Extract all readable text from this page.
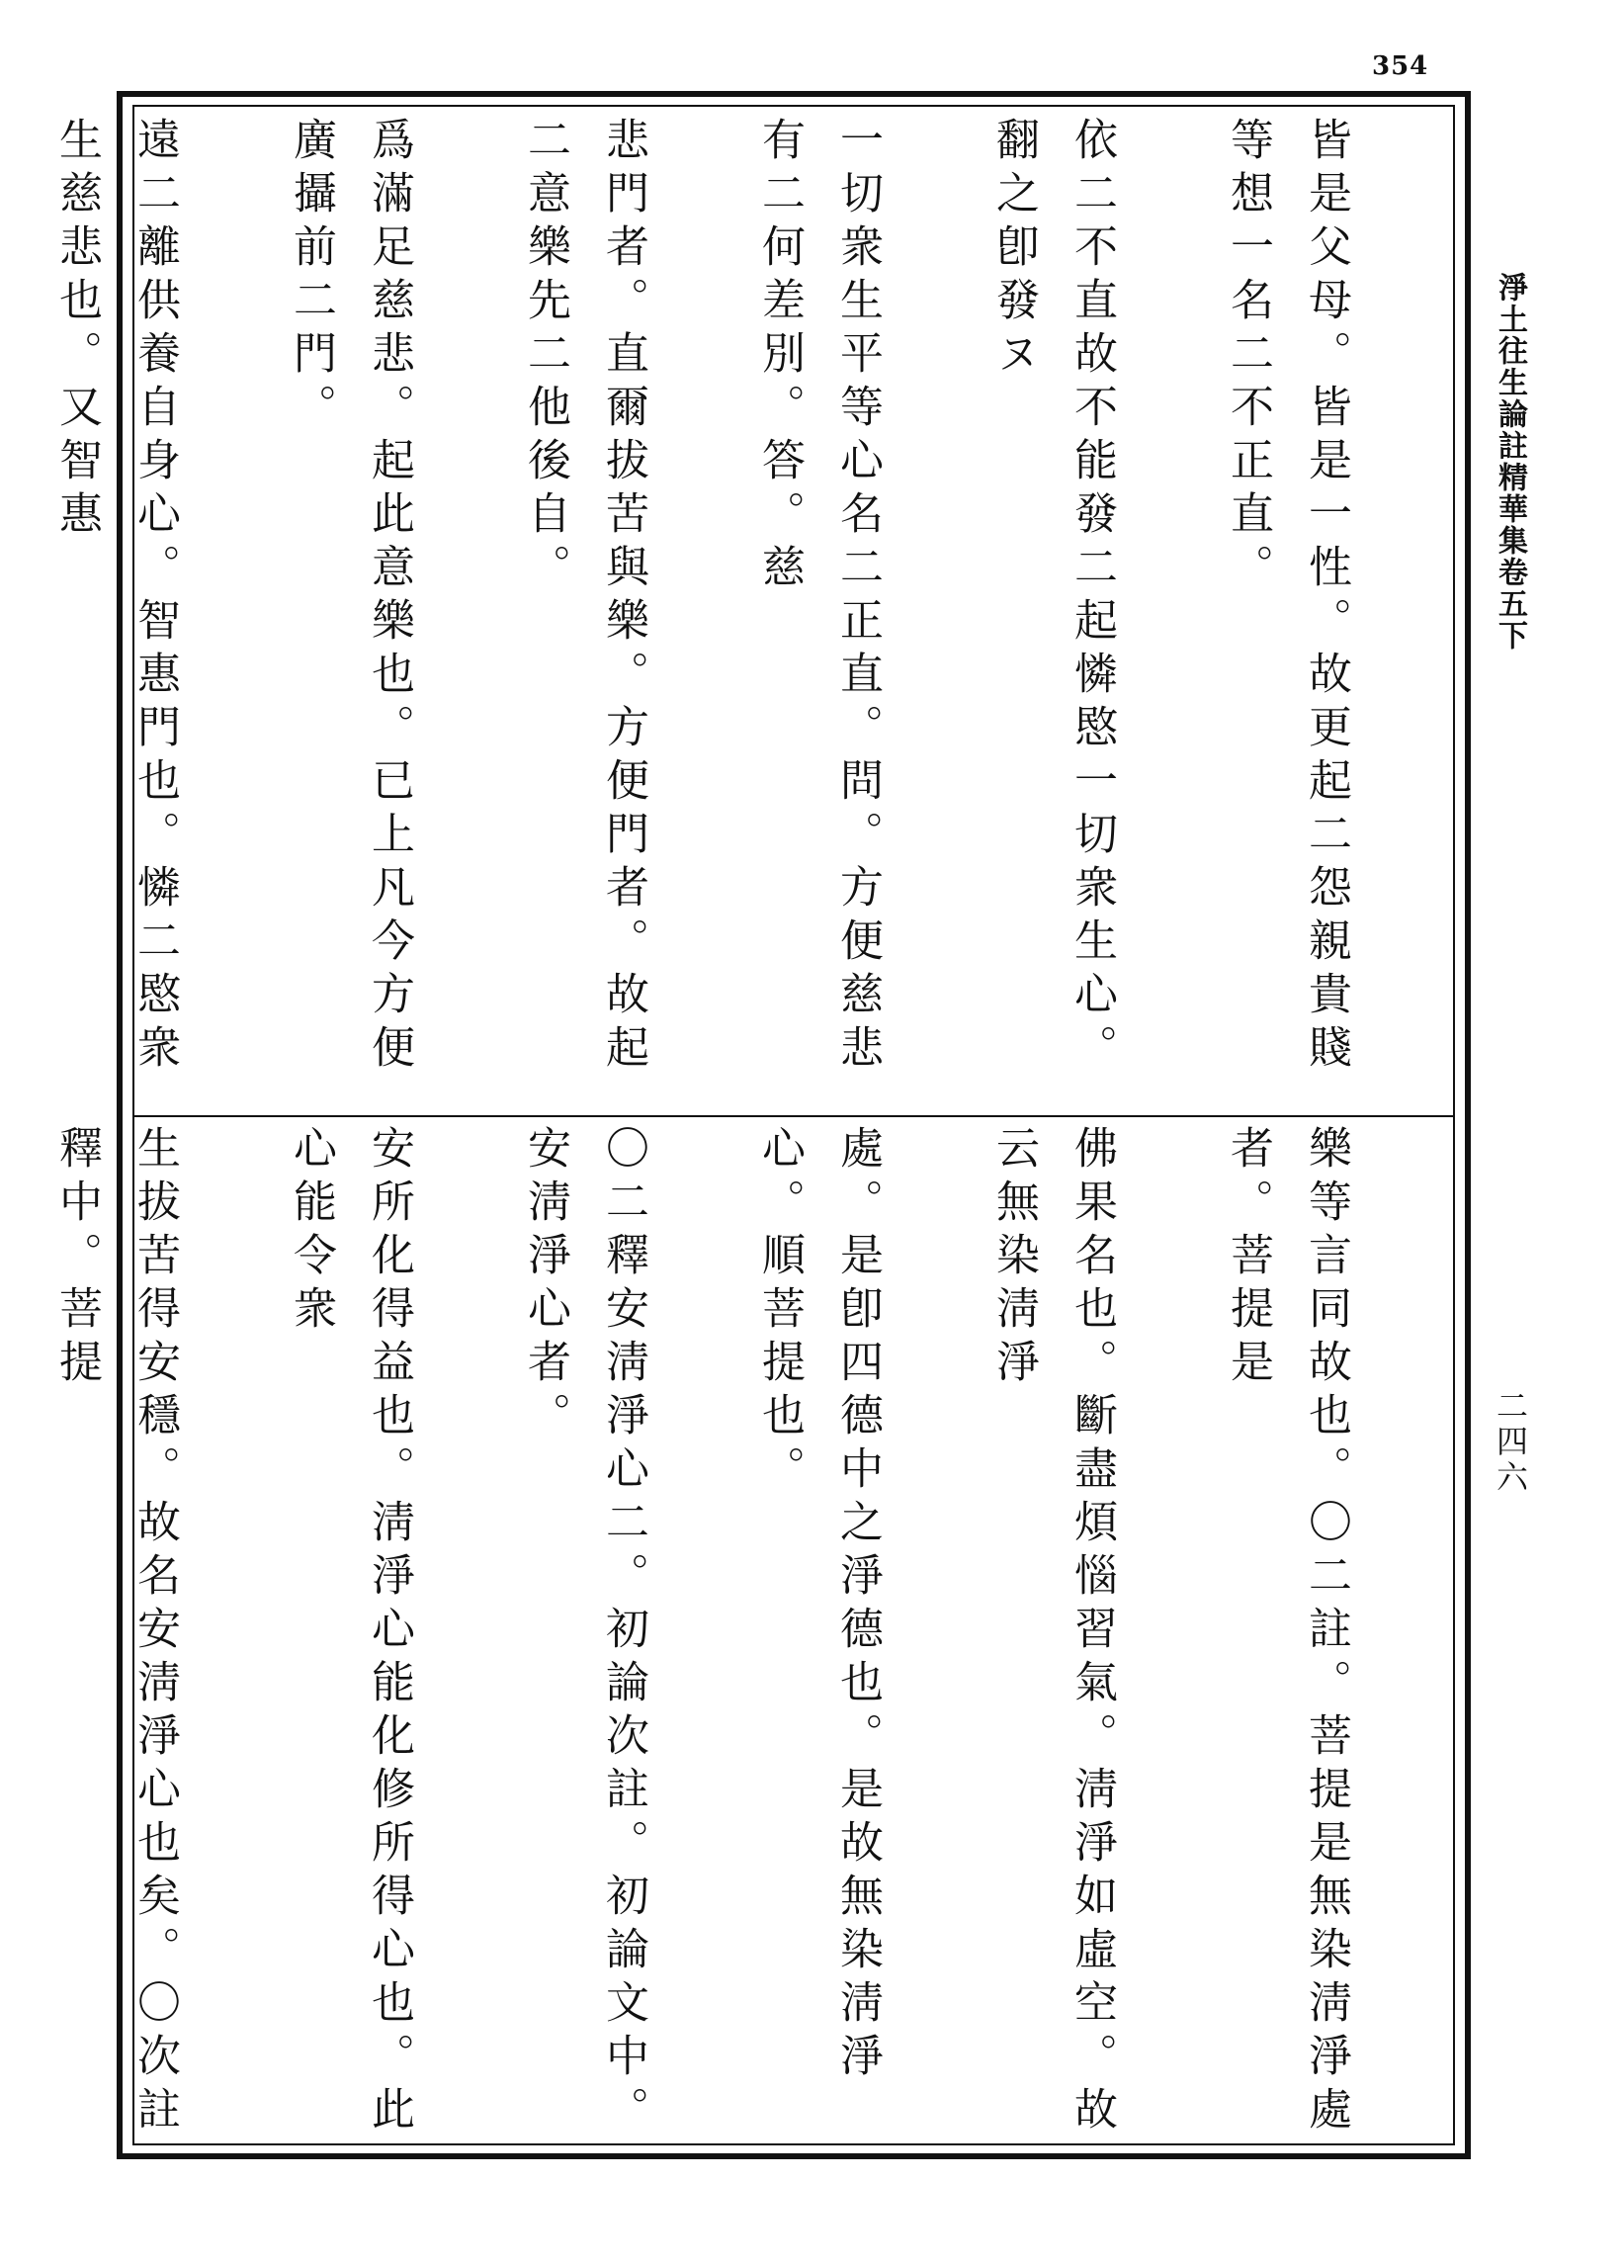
354

皆是父母。皆是一性。故更起二怨親貴賤等想一名二不正直。

依二不直故不能發二起憐愍一切衆生心。翻之卽發ヌ

一切衆生平等心名二正直。問。方便慈悲有二何差別。答。慈

悲門者。直爾拔苦與樂。方便門者。故起二意樂先二他後自。

爲滿足慈悲。起此意樂也。已上凡今方便廣攝前二門。

遠二離供養自身心。智惠門也。憐二愍衆生慈悲也。又智惠

樂等言同故也。〇二註。菩提是無染淸淨處者。菩提是

佛果名也。斷盡煩惱習氣。淸淨如虛空。故云無染淸淨

處。是卽四德中之淨德也。是故無染淸淨心。順菩提也。

〇二釋安淸淨心二。初論次註。初論文中。安淸淨心者。

安所化得益也。淸淨心能化修所得心也。此心能令衆

生拔苦得安穩。故名安淸淨心也矣。〇次註釋中。菩提

淨土往生論註精華集卷五下
二四六
